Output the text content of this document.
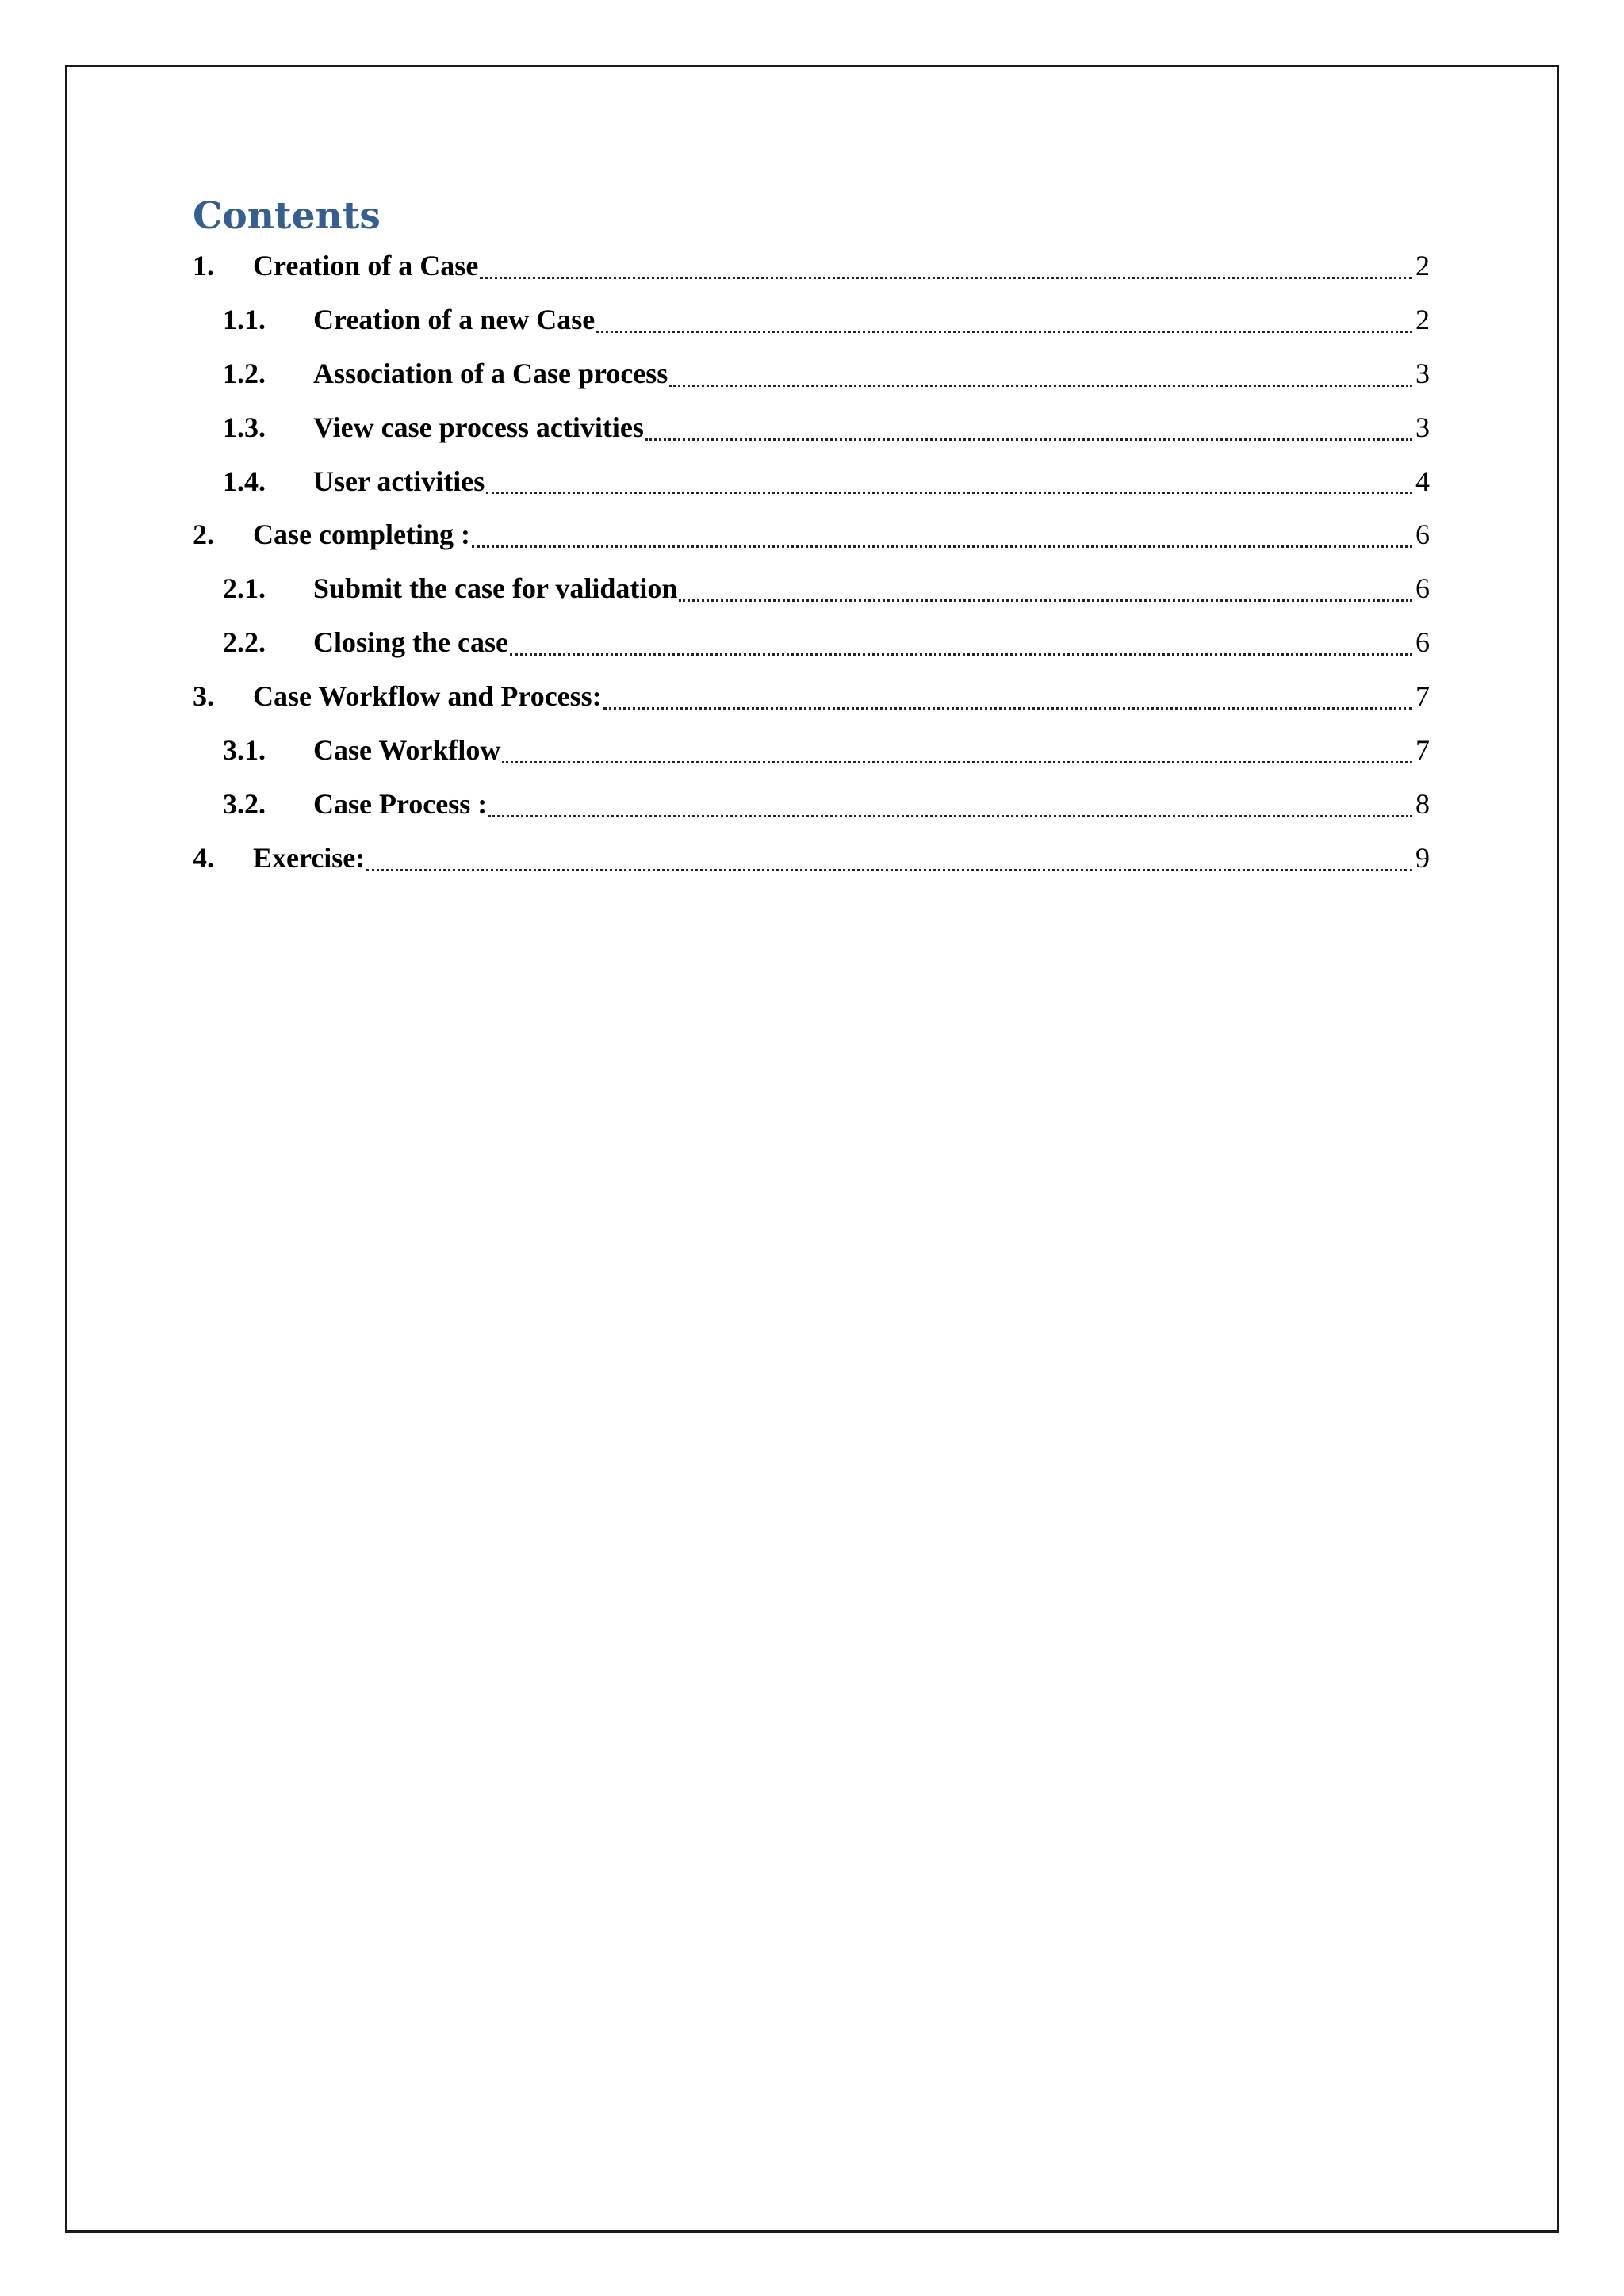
Contents
1.	Creation of a Case	2
1.1.	Creation of a new Case	2
1.2.	Association of a Case process	3
1.3.	View case process activities	3
1.4.	User activities	4
2.	Case completing :	6
2.1.	Submit the case for validation	6
2.2.	Closing the case	6
3.	Case Workflow and Process:	7
3.1.	Case Workflow	7
3.2.	Case Process :	8
4.	Exercise:	9
